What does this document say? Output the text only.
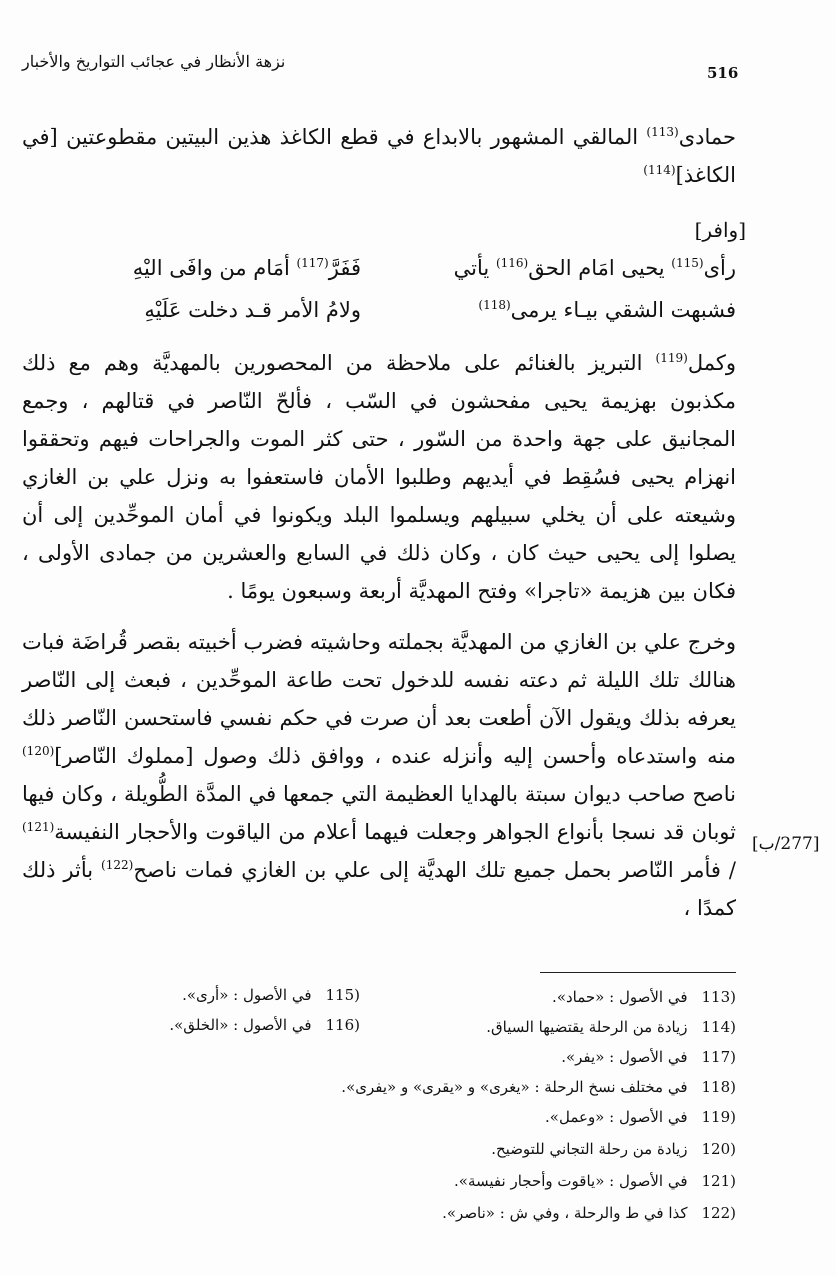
نزهة الأنظار في عجائب التواريخ والأخبار
516
حمادى$^{(113)}$ المالقي المشهور بالابداع في قطع الكاغذ هذين البيتين مقطوعتين [في الكاغذ]$^{(114)}$
[وافر]
رأى$^{(115)}$ يحيى امَام الحق$^{(116)}$ يأتيفَفَرَّ$^{(117)}$ أمَام من وافَى اليْهِ
فشبهت الشقي بيـاء يرمى$^{(118)}$ولامُ الأمر قـد دخلت عَلَيْهِ
وكمل$^{(119)}$ التبريز بالغنائم على ملاحظة من المحصورين بالمهديَّة وهم مع ذلك مكذبون بهزيمة يحيى مفحشون في السّب ، فألحّ النّاصر في قتالهم ، وجمع المجانيق على جهة واحدة من السّور ، حتى كثر الموت والجراحات فيهم وتحققوا انهزام يحيى فسُقِط في أيديهم وطلبوا الأمان فاستعفوا به ونزل علي بن الغازي وشيعته على أن يخلي سبيلهم ويسلموا البلد ويكونوا في أمان الموحِّدين إلى أن يصلوا إلى يحيى حيث كان ، وكان ذلك في السابع والعشرين من جمادى الأولى ، فكان بين هزيمة «تاجرا» وفتح المهديَّة أربعة وسبعون يومًا .
وخرج علي بن الغازي من المهديَّة بجملته وحاشيته فضرب أخبيته بقصر قُراضَة فبات هنالك تلك الليلة ثم دعته نفسه للدخول تحت طاعة الموحِّدين ، فبعث إلى النّاصر يعرفه بذلك ويقول الآن أطعت بعد أن صرت في حكم نفسي فاستحسن النّاصر ذلك منه واستدعاه وأحسن إليه وأنزله عنده ، ووافق ذلك وصول [مملوك النّاصر]$^{(120)}$ ناصح صاحب ديوان سبتة بالهدايا العظيمة التي جمعها في المدَّة الطُّويلة ، وكان فيها ثوبان قد نسجا بأنواع الجواهر وجعلت فيهما أعلام من الياقوت والأحجار النفيسة$^{(121)}$ / فأمر النّاصر بحمل جميع تلك الهديَّة إلى علي بن الغازي فمات ناصح$^{(122)}$ بأثر ذلك كمدًا ،
[277/ب]
113)في الأصول : «حماد».
115)في الأصول : «أرى».
114)زيادة من الرحلة يقتضيها السياق.
116)في الأصول : «الخلق».
117)في الأصول : «يفر».
118)في مختلف نسخ الرحلة : «يغرى» و «يقرى» و «يفرى».
119)في الأصول : «وعمل».
120)زيادة من رحلة التجاني للتوضيح.
121)في الأصول : «ياقوت وأحجار نفيسة».
122)كذا في ط والرحلة ، وفي ش : «ناصر».
